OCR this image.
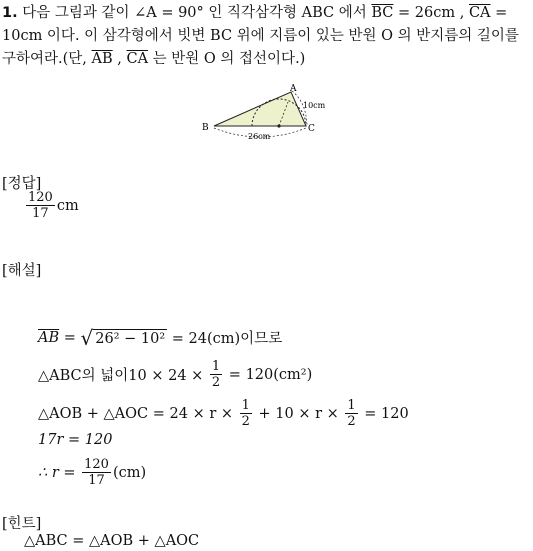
1. 다음 그림과 같이 ∠A = 90° 인 직각삼각형 ABC 에서 $\overline{BC} = 26cm$ , $\overline{CA} = 10cm$ 이다. 이 삼각형에서 빗변 BC 위에 지름이 있는 반원 O 의 반지름의 길이를 구하여라.(단, $\overline{AB}$ , $\overline{CA}$ 는 반원 O 의 접선이다.)
A
B	C
10cm
26cm
[정답]
$\frac{120}{17}$ cm
[해설]
$\overline{AB}$ = √ 26² − 10² = 24(cm)이므로
△ABC의 넓이$10 \times 24 \times \frac{1}{2} = 120(cm^2)$
△AOB + △AOC = $24 \times r \times \frac{1}{2} + 10 \times r \times \frac{1}{2} = 120$
17r = 120
∴ $r = \frac{120}{17} (cm)$
[힌트]
△ABC = △AOB + △AOC
